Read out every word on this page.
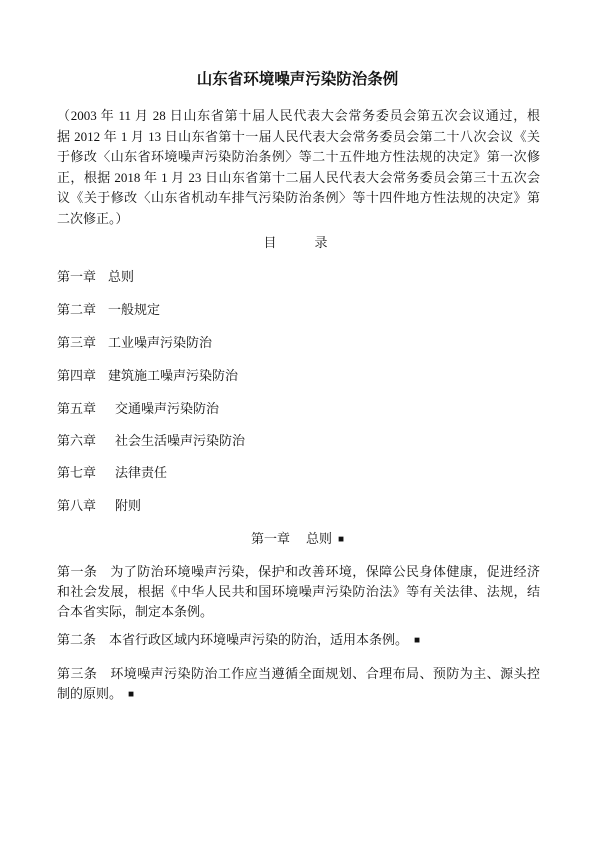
山东省环境噪声污染防治条例
（2003 年 11 月 28 日山东省第十届人民代表大会常务委员会第五次会议通过，根
据 2012 年 1 月 13 日山东省第十一届人民代表大会常务委员会第二十八次会议《关
于修改〈山东省环境噪声污染防治条例〉等二十五件地方性法规的决定》第一次修
正，根据 2018 年 1 月 23 日山东省第十二届人民代表大会常务委员会第三十五次会
议《关于修改〈山东省机动车排气污染防治条例〉等十四件地方性法规的决定》第
二次修正。）
目　　录
第一章 总则
第二章 一般规定
第三章 工业噪声污染防治
第四章 建筑施工噪声污染防治
第五章 交通噪声污染防治
第六章 社会生活噪声污染防治
第七章 法律责任
第八章 附则
第一章 总则 ■
第一条 为了防治环境噪声污染，保护和改善环境，保障公民身体健康，促进经济
和社会发展，根据《中华人民共和国环境噪声污染防治法》等有关法律、法规，结
合本省实际，制定本条例。
第二条 本省行政区域内环境噪声污染的防治，适用本条例。 ■
第三条 环境噪声污染防治工作应当遵循全面规划、合理布局、预防为主、源头控
制的原则。 ■
